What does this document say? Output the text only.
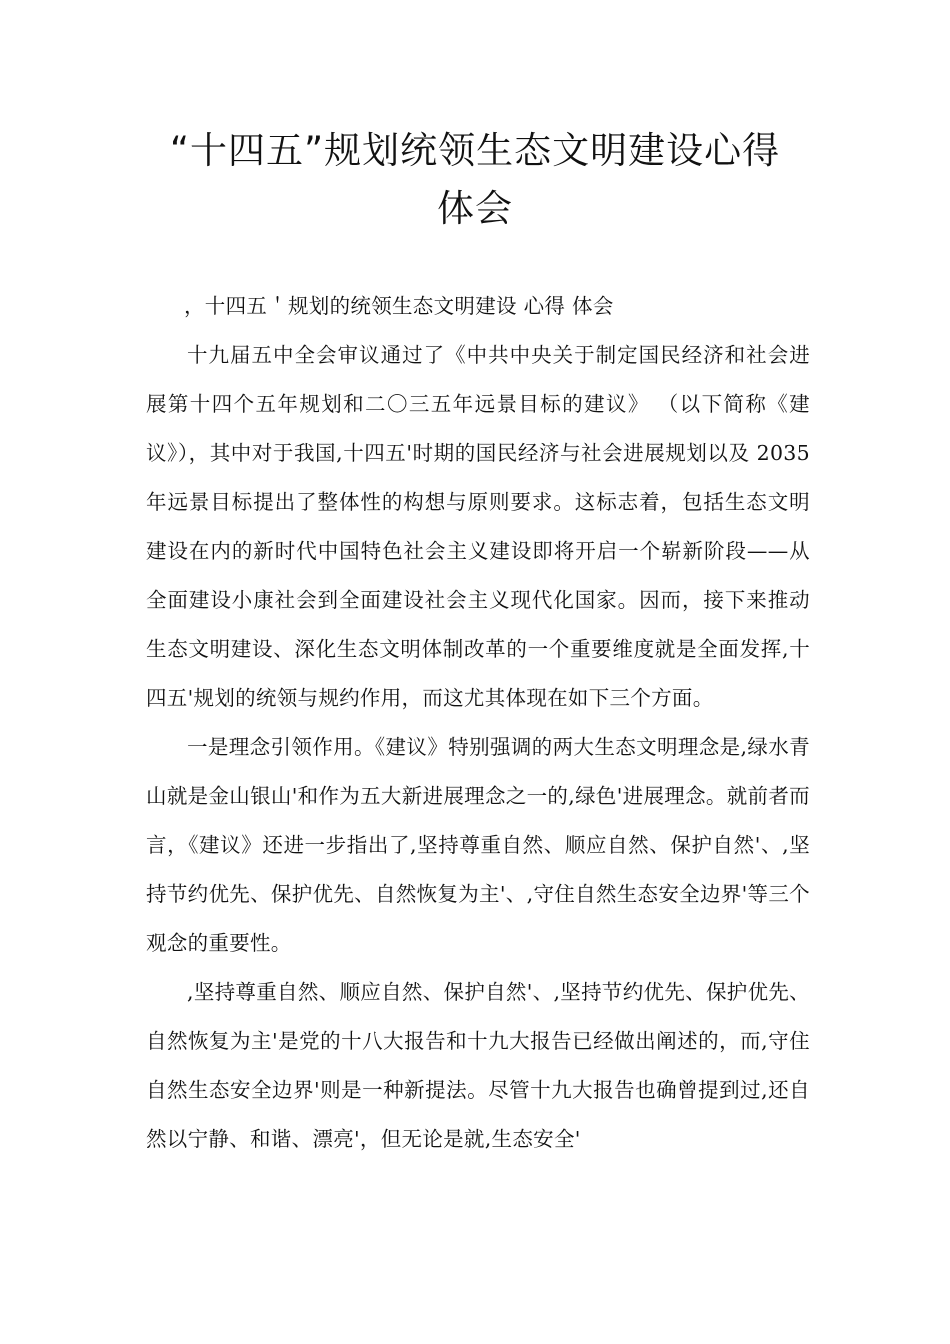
“十四五”规划统领生态文明建设心得
体会

，十四五＇规划的统领生态文明建设 心得 体会

十九届五中全会审议通过了《中共中央关于制定国民经济和社会进展第十四个五年规划和二〇三五年远景目标的建议》 （以下简称《建议》），其中对于我国,十四五'时期的国民经济与社会进展规划以及 2035 年远景目标提出了整体性的构想与原则要求。这标志着，包括生态文明建设在内的新时代中国特色社会主义建设即将开启一个崭新阶段——从全面建设小康社会到全面建设社会主义现代化国家。因而，接下来推动生态文明建设、深化生态文明体制改革的一个重要维度就是全面发挥,十四五'规划的统领与规约作用，而这尤其体现在如下三个方面。

一是理念引领作用。《建议》特别强调的两大生态文明理念是,绿水青山就是金山银山'和作为五大新进展理念之一的,绿色'进展理念。就前者而言，《建议》还进一步指出了,坚持尊重自然、顺应自然、保护自然'、,坚持节约优先、保护优先、自然恢复为主'、,守住自然生态安全边界'等三个观念的重要性。

,坚持尊重自然、顺应自然、保护自然'、,坚持节约优先、保护优先、自然恢复为主'是党的十八大报告和十九大报告已经做出阐述的，而,守住自然生态安全边界'则是一种新提法。尽管十九大报告也确曾提到过,还自然以宁静、和谐、漂亮'，但无论是就,生态安全'
